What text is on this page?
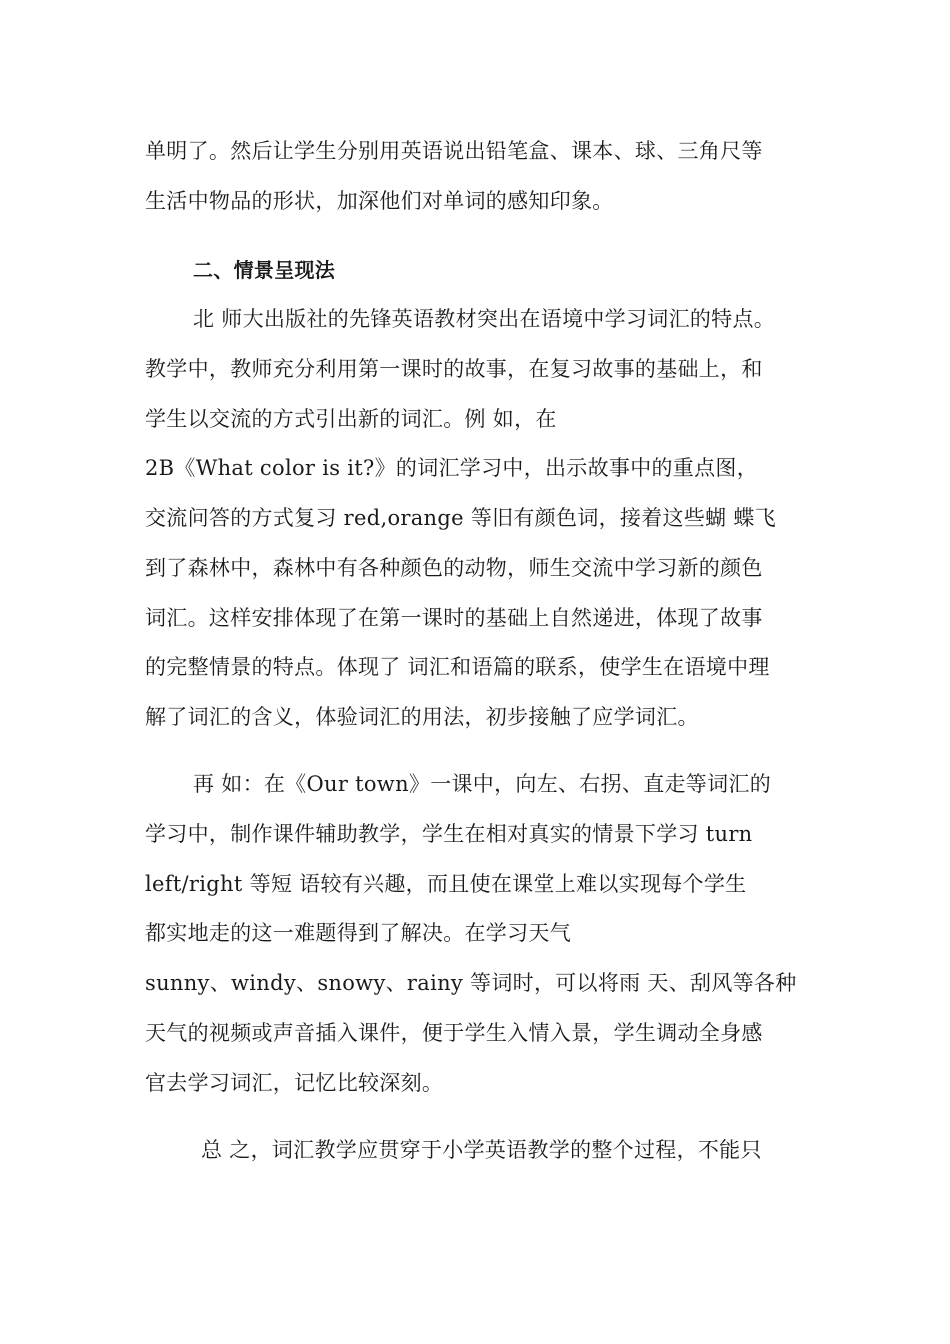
单明了。然后让学生分别用英语说出铅笔盒、课本、球、三角尺等
生活中物品的形状，加深他们对单词的感知印象。
二、情景呈现法
北 师大出版社的先锋英语教材突出在语境中学习词汇的特点。
教学中，教师充分利用第一课时的故事，在复习故事的基础上，和
学生以交流的方式引出新的词汇。例 如，在
2B《What color is it?》的词汇学习中，出示故事中的重点图，
交流问答的方式复习 red,orange 等旧有颜色词，接着这些蝴 蝶飞
到了森林中，森林中有各种颜色的动物，师生交流中学习新的颜色
词汇。这样安排体现了在第一课时的基础上自然递进，体现了故事
的完整情景的特点。体现了 词汇和语篇的联系，使学生在语境中理
解了词汇的含义，体验词汇的用法，初步接触了应学词汇。
再 如：在《Our town》一课中，向左、右拐、直走等词汇的
学习中，制作课件辅助教学，学生在相对真实的情景下学习 turn
left/right 等短 语较有兴趣，而且使在课堂上难以实现每个学生
都实地走的这一难题得到了解决。在学习天气
sunny、windy、snowy、rainy 等词时，可以将雨 天、刮风等各种
天气的视频或声音插入课件，便于学生入情入景，学生调动全身感
官去学习词汇，记忆比较深刻。
总 之，词汇教学应贯穿于小学英语教学的整个过程，不能只
